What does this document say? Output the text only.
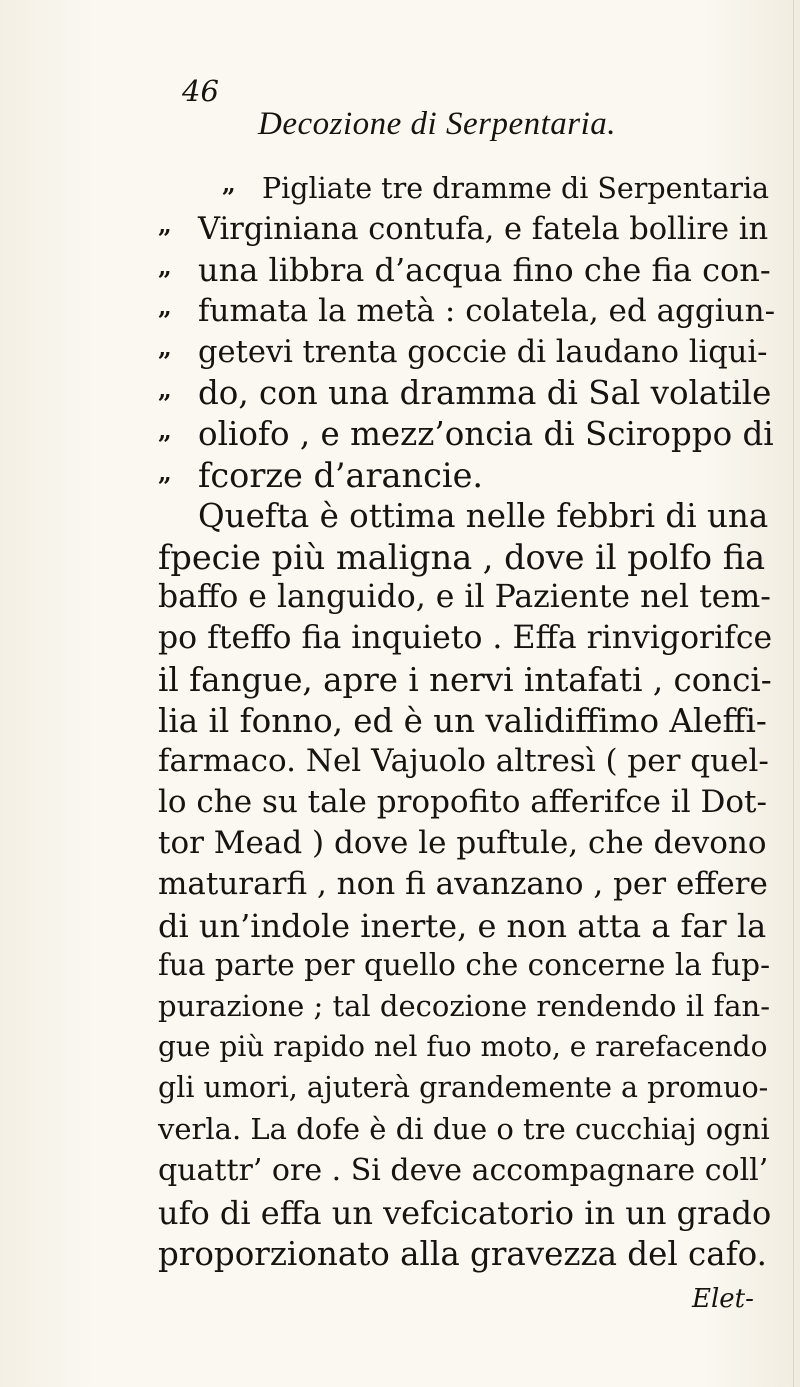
46
Decozione di Serpentaria.
„ Pigliate tre dramme di Serpentaria
„ Virginiana contufa, e fatela bollire in
„ una libbra d’acqua fino che fia con-
„ fumata la metà : colatela, ed aggiun-
„ getevi trenta goccie di laudano liqui-
„ do, con una dramma di Sal volatile
„ oliofo , e mezz’oncia di Sciroppo di
„ fcorze d’arancie.
Quefta è ottima nelle febbri di una
fpecie più maligna , dove il polfo fia
baffo e languido, e il Paziente nel tem-
po fteffo fia inquieto . Effa rinvigorifce
il fangue, apre i nervi intafati , conci-
lia il fonno, ed è un validiffimo Aleffi-
farmaco. Nel Vajuolo altresì ( per quel-
lo che su tale propofito afferifce il Dot-
tor Mead ) dove le puftule, che devono
maturarfi , non fi avanzano , per effere
di un’indole inerte, e non atta a far la
fua parte per quello che concerne la fup-
purazione ; tal decozione rendendo il fan-
gue più rapido nel fuo moto, e rarefacendo
gli umori, ajuterà grandemente a promuo-
verla. La dofe è di due o tre cucchiaj ogni
quattr’ ore . Si deve accompagnare coll’
ufo di effa un vefcicatorio in un grado
proporzionato alla gravezza del cafo.
Elet-
